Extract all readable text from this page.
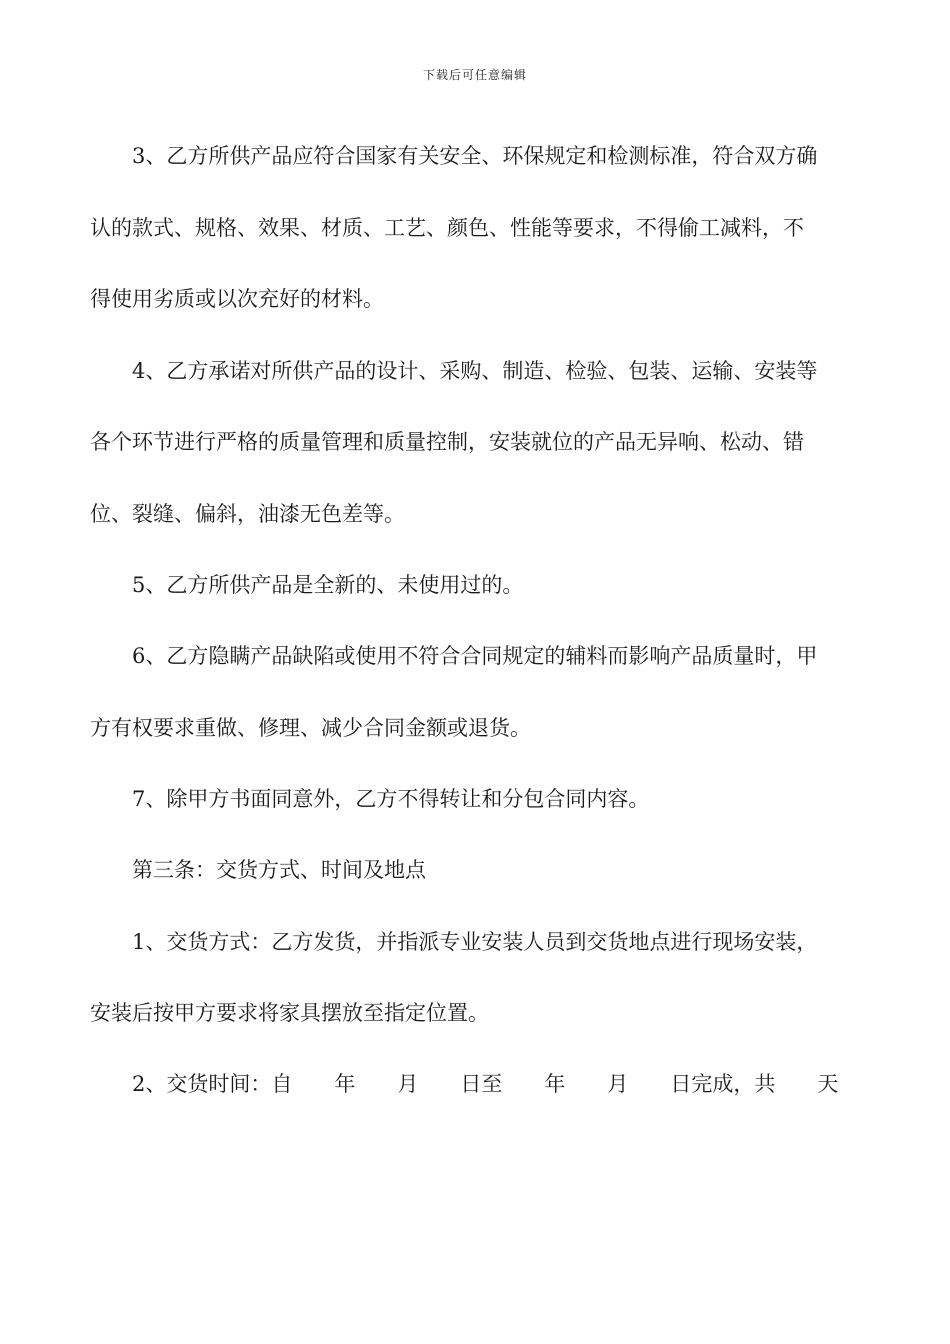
下载后可任意编辑
3、乙方所供产品应符合国家有关安全、环保规定和检测标准，符合双方确
认的款式、规格、效果、材质、工艺、颜色、性能等要求，不得偷工减料，不
得使用劣质或以次充好的材料。
4、乙方承诺对所供产品的设计、采购、制造、检验、包装、运输、安装等
各个环节进行严格的质量管理和质量控制，安装就位的产品无异响、松动、错
位、裂缝、偏斜，油漆无色差等。
5、乙方所供产品是全新的、未使用过的。
6、乙方隐瞒产品缺陷或使用不符合合同规定的辅料而影响产品质量时，甲
方有权要求重做、修理、减少合同金额或退货。
7、除甲方书面同意外，乙方不得转让和分包合同内容。
第三条：交货方式、时间及地点
1、交货方式：乙方发货，并指派专业安装人员到交货地点进行现场安装，
安装后按甲方要求将家具摆放至指定位置。
2、交货时间：自　　年　　月　　日至　　年　　月　　日完成，共　　天
